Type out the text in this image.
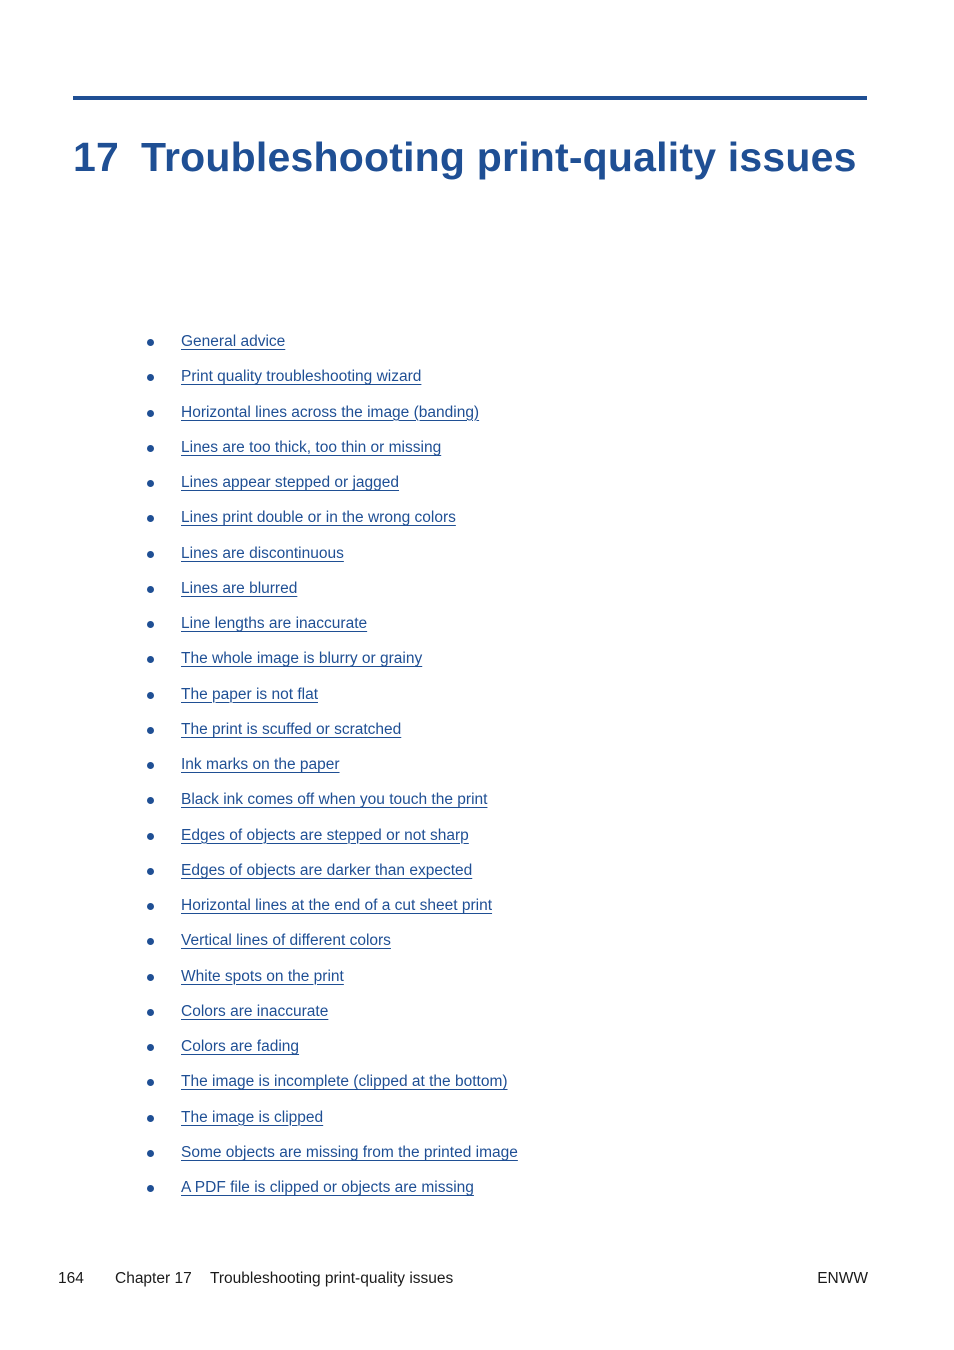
17 Troubleshooting print-quality issues
General advice
Print quality troubleshooting wizard
Horizontal lines across the image (banding)
Lines are too thick, too thin or missing
Lines appear stepped or jagged
Lines print double or in the wrong colors
Lines are discontinuous
Lines are blurred
Line lengths are inaccurate
The whole image is blurry or grainy
The paper is not flat
The print is scuffed or scratched
Ink marks on the paper
Black ink comes off when you touch the print
Edges of objects are stepped or not sharp
Edges of objects are darker than expected
Horizontal lines at the end of a cut sheet print
Vertical lines of different colors
White spots on the print
Colors are inaccurate
Colors are fading
The image is incomplete (clipped at the bottom)
The image is clipped
Some objects are missing from the printed image
A PDF file is clipped or objects are missing
164 Chapter 17 Troubleshooting print-quality issues	ENWW
